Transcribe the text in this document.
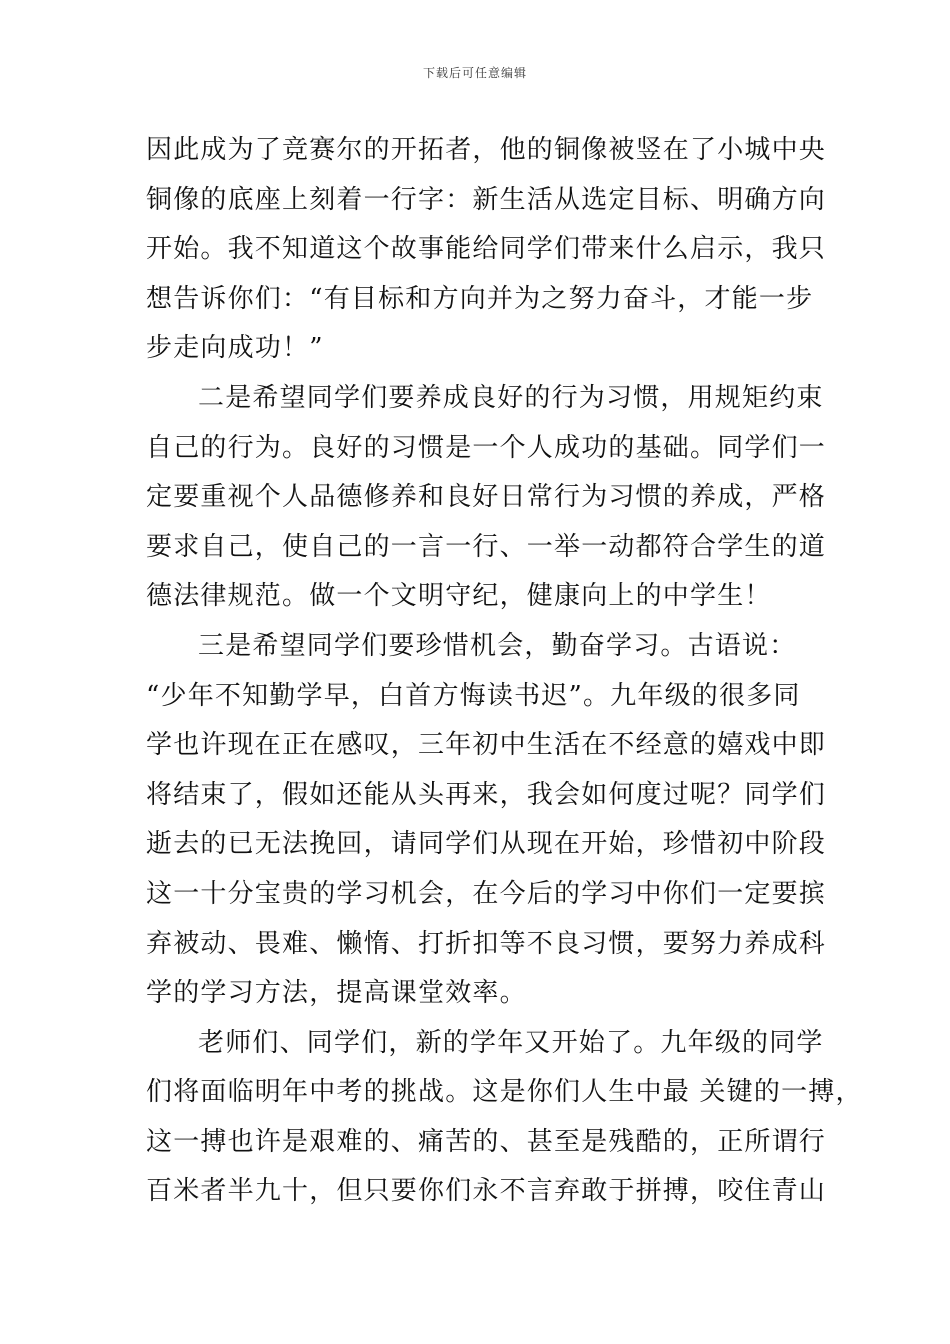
下载后可任意编辑
因此成为了竞赛尔的开拓者，他的铜像被竖在了小城中央
铜像的底座上刻着一行字：新生活从选定目标、明确方向
开始。我不知道这个故事能给同学们带来什么启示，我只
想告诉你们：“有目标和方向并为之努力奋斗，才能一步
步走向成功！”
二是希望同学们要养成良好的行为习惯，用规矩约束
自己的行为。良好的习惯是一个人成功的基础。同学们一
定要重视个人品德修养和良好日常行为习惯的养成，严格
要求自己，使自己的一言一行、一举一动都符合学生的道
德法律规范。做一个文明守纪，健康向上的中学生！
三是希望同学们要珍惜机会，勤奋学习。古语说：
“少年不知勤学早，白首方悔读书迟”。九年级的很多同
学也许现在正在感叹，三年初中生活在不经意的嬉戏中即
将结束了，假如还能从头再来，我会如何度过呢？同学们
逝去的已无法挽回，请同学们从现在开始，珍惜初中阶段
这一十分宝贵的学习机会，在今后的学习中你们一定要摈
弃被动、畏难、懒惰、打折扣等不良习惯，要努力养成科
学的学习方法，提高课堂效率。
老师们、同学们，新的学年又开始了。九年级的同学
们将面临明年中考的挑战。这是你们人生中最 关键的一搏，
这一搏也许是艰难的、痛苦的、甚至是残酷的，正所谓行
百米者半九十，但只要你们永不言弃敢于拼搏，咬住青山
